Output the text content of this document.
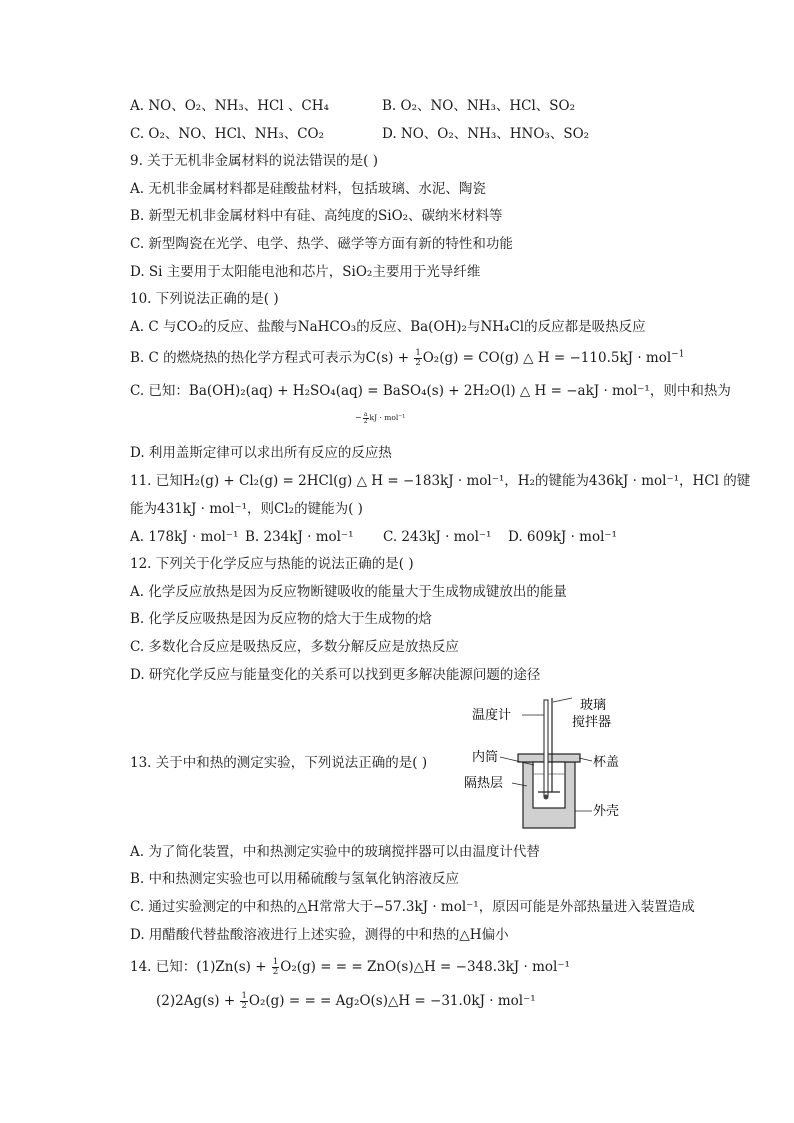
A. NO、O₂、NH₃、HCl 、CH₄	B. O₂、NO、NH₃、HCl、SO₂
C. O₂、NO、HCl、NH₃、CO₂	D. NO、O₂、NH₃、HNO₃、SO₂
9. 关于无机非金属材料的说法错误的是( )
A. 无机非金属材料都是硅酸盐材料，包括玻璃、水泥、陶瓷
B. 新型无机非金属材料中有硅、高纯度的SiO₂、碳纳米材料等
C. 新型陶瓷在光学、电学、热学、磁学等方面有新的特性和功能
D. Si 主要用于太阳能电池和芯片，SiO₂主要用于光导纤维
10. 下列说法正确的是( )
A. C 与CO₂的反应、盐酸与NaHCO₃的反应、Ba(OH)₂与NH₄Cl的反应都是吸热反应
B. C 的燃烧热的热化学方程式可表示为$C(s) + \frac{1}{2} O_2(g) = CO(g)$ △ H = −110.5kJ · mol$^{-1}$
C. 已知：Ba(OH)₂(aq) + H₂SO₄(aq) = BaSO₄(s) + 2H₂O(l) △ H = −akJ · mol⁻¹，则中和热为
− $\frac{a}{2}$ kJ · mol⁻¹
D. 利用盖斯定律可以求出所有反应的反应热
11. 已知H₂(g) + Cl₂(g) = 2HCl(g) △ H = −183kJ · mol⁻¹，H₂的键能为436kJ · mol⁻¹，HCl 的键
能为431kJ · mol⁻¹，则Cl₂的键能为( )
A. 178kJ · mol⁻¹ B. 234kJ · mol⁻¹ C. 243kJ · mol⁻¹ D. 609kJ · mol⁻¹
12. 下列关于化学反应与热能的说法正确的是( )
A. 化学反应放热是因为反应物断键吸收的能量大于生成物成键放出的能量
B. 化学反应吸热是因为反应物的焓大于生成物的焓
C. 多数化合反应是吸热反应，多数分解反应是放热反应
D. 研究化学反应与能量变化的关系可以找到更多解决能源问题的途径
13. 关于中和热的测定实验，下列说法正确的是( )
温度计
玻璃
搅拌器
内筒	杯盖
隔热层
外壳
A. 为了简化装置，中和热测定实验中的玻璃搅拌器可以由温度计代替
B. 中和热测定实验也可以用稀硫酸与氢氧化钠溶液反应
C. 通过实验测定的中和热的△H常常大于−57.3kJ · mol⁻¹，原因可能是外部热量进入装置造成
D. 用醋酸代替盐酸溶液进行上述实验，测得的中和热的△H偏小
14. 已知：$(1)Zn(s) + \frac{1}{2} O_2(g)$ = = = ZnO(s)△H = −348.3kJ · mol⁻¹
$(2)2Ag(s) + \frac{1}{2} O_2(g)$ = = = Ag₂O(s)△H = −31.0kJ · mol⁻¹
